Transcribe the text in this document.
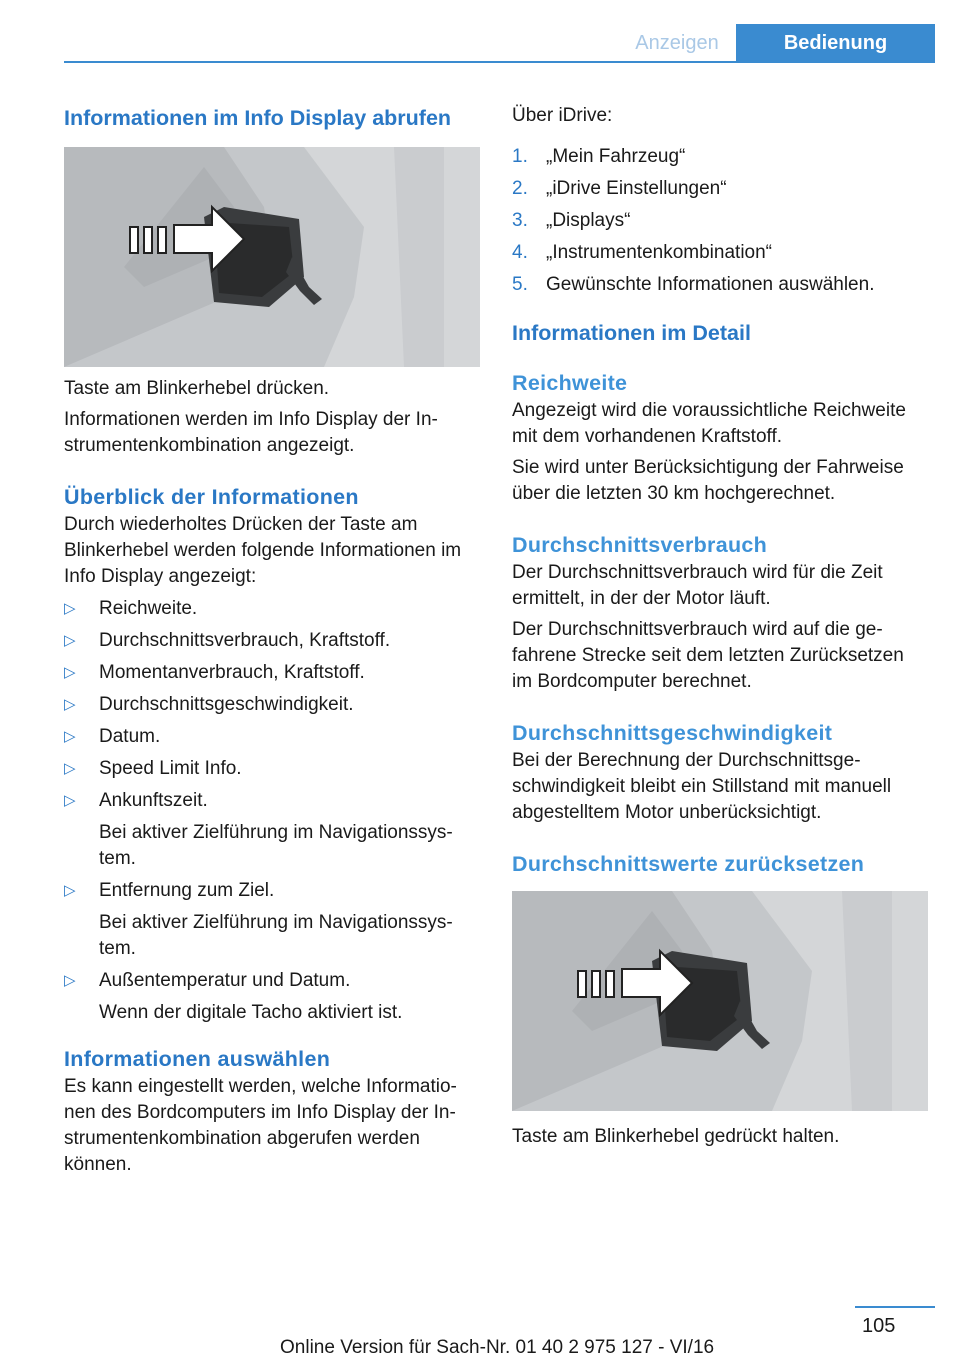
Anzeigen	Bedienung
Informationen im Info Display abrufen

Taste am Blinkerhebel drücken.

Informationen werden im Info Display der In‐ strumentenkombination angezeigt.

Überblick der Informationen

Durch wiederholtes Drücken der Taste am Blinkerhebel werden folgende Informationen im Info Display angezeigt:

▷ Reichweite.
▷ Durchschnittsverbrauch, Kraftstoff.
▷ Momentanverbrauch, Kraftstoff.
▷ Durchschnittsgeschwindigkeit.
▷ Datum.
▷ Speed Limit Info.
▷ Ankunftszeit.
Bei aktiver Zielführung im Navigationssys‐ tem.
▷ Entfernung zum Ziel.
Bei aktiver Zielführung im Navigationssys‐ tem.
▷ Außentemperatur und Datum.
Wenn der digitale Tacho aktiviert ist.
Informationen auswählen

Es kann eingestellt werden, welche Informatio‐ nen des Bordcomputers im Info Display der In‐ strumentenkombination abgerufen werden können.

Über iDrive:

1. „Mein Fahrzeug“
2. „iDrive Einstellungen“
3. „Displays“
4. „Instrumentenkombination“
5. Gewünschte Informationen auswählen.
Informationen im Detail
Reichweite

Angezeigt wird die voraussichtliche Reichweite mit dem vorhandenen Kraftstoff.

Sie wird unter Berücksichtigung der Fahrweise über die letzten 30 km hochgerechnet.

Durchschnittsverbrauch

Der Durchschnittsverbrauch wird für die Zeit ermittelt, in der der Motor läuft.

Der Durchschnittsverbrauch wird auf die ge‐ fahrene Strecke seit dem letzten Zurücksetzen im Bordcomputer berechnet.

Durchschnittsgeschwindigkeit

Bei der Berechnung der Durchschnittsge‐ schwindigkeit bleibt ein Stillstand mit manuell abgestelltem Motor unberücksichtigt.

Durchschnittswerte zurücksetzen

Taste am Blinkerhebel gedrückt halten.

105
Online Version für Sach-Nr. 01 40 2 975 127 - VI/16
